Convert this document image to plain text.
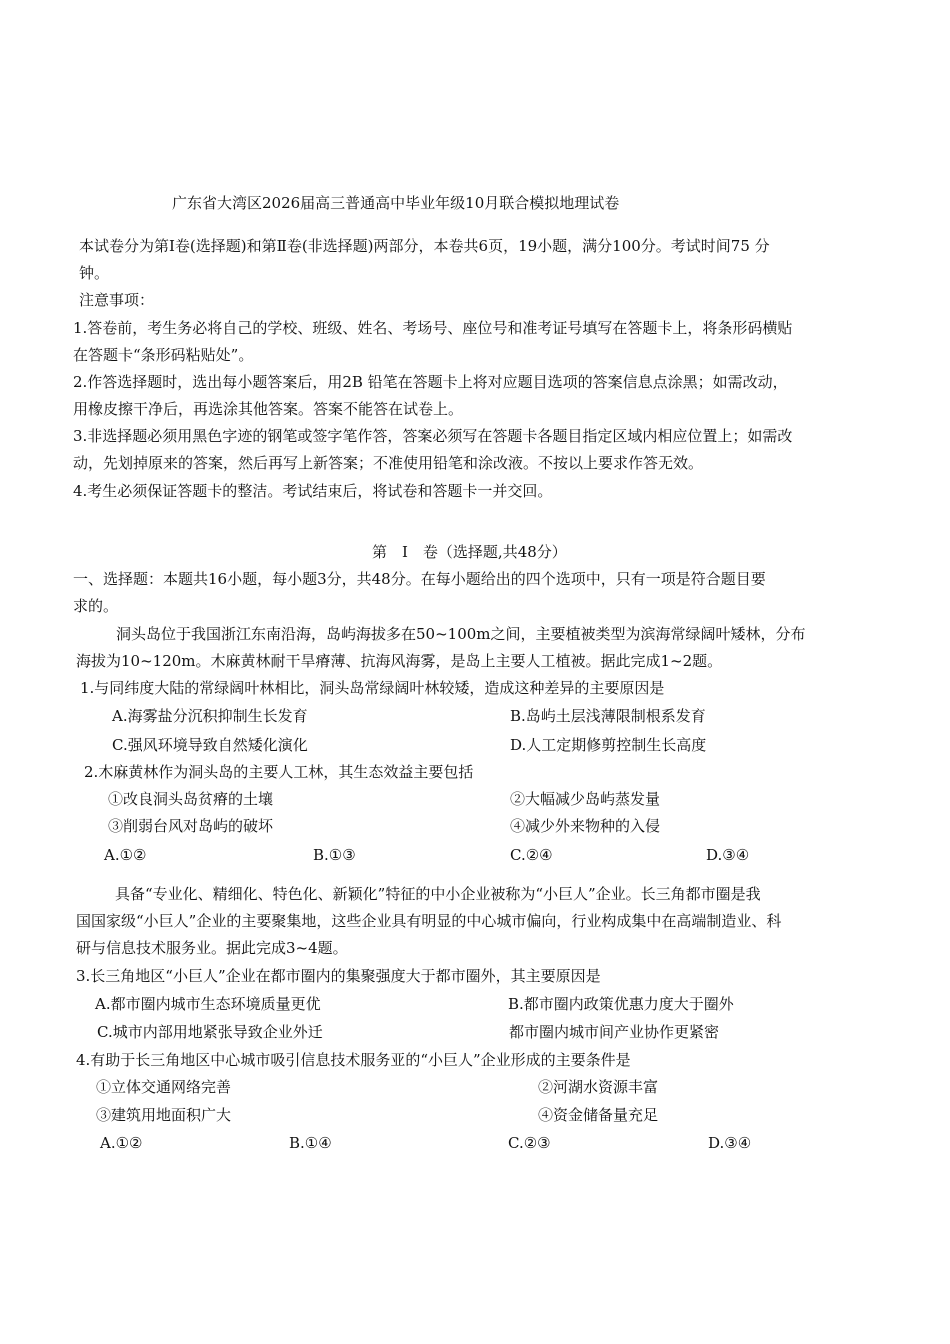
广东省大湾区2026届高三普通高中毕业年级10月联合模拟地理试卷
本试卷分为第Ⅰ卷(选择题)和第Ⅱ卷(非选择题)两部分，本卷共6页，19小题，满分100分。考试时间75 分
钟。
注意事项：
1.答卷前，考生务必将自己的学校、班级、姓名、考场号、座位号和准考证号填写在答题卡上，将条形码横贴
在答题卡“条形码粘贴处”。
2.作答选择题时，选出每小题答案后，用2B 铅笔在答题卡上将对应题目选项的答案信息点涂黑；如需改动，
用橡皮擦干净后，再选涂其他答案。答案不能答在试卷上。
3.非选择题必须用黑色字迹的钢笔或签字笔作答，答案必须写在答题卡各题目指定区域内相应位置上；如需改
动，先划掉原来的答案，然后再写上新答案；不准使用铅笔和涂改液。不按以上要求作答无效。
4.考生必须保证答题卡的整洁。考试结束后，将试卷和答题卡一并交回。
第　Ⅰ　卷（选择题,共48分）
一、选择题：本题共16小题，每小题3分，共48分。在每小题给出的四个选项中，只有一项是符合题目要
求的。
洞头岛位于我国浙江东南沿海，岛屿海拔多在50~100m之间，主要植被类型为滨海常绿阔叶矮林，分布
海拔为10~120m。木麻黄林耐干旱瘠薄、抗海风海雾，是岛上主要人工植被。据此完成1~2题。
1.与同纬度大陆的常绿阔叶林相比，洞头岛常绿阔叶林较矮，造成这种差异的主要原因是
A.海雾盐分沉积抑制生长发育	B.岛屿土层浅薄限制根系发育
C.强风环境导致自然矮化演化	D.人工定期修剪控制生长高度
2.木麻黄林作为洞头岛的主要人工林，其生态效益主要包括
①改良洞头岛贫瘠的土壤	②大幅减少岛屿蒸发量
③削弱台风对岛屿的破坏	④减少外来物种的入侵
A.①②	B.①③	C.②④	D.③④
具备“专业化、精细化、特色化、新颖化”特征的中小企业被称为“小巨人”企业。长三角都市圈是我
国国家级“小巨人”企业的主要聚集地，这些企业具有明显的中心城市偏向，行业构成集中在高端制造业、科
研与信息技术服务业。据此完成3~4题。
3.长三角地区“小巨人”企业在都市圈内的集聚强度大于都市圈外，其主要原因是
A.都市圈内城市生态环境质量更优	B.都市圈内政策优惠力度大于圈外
C.城市内部用地紧张导致企业外迁	都市圈内城市间产业协作更紧密
4.有助于长三角地区中心城市吸引信息技术服务亚的“小巨人”企业形成的主要条件是
①立体交通网络完善	②河湖水资源丰富
③建筑用地面积广大	④资金储备量充足
A.①②	B.①④	C.②③	D.③④
